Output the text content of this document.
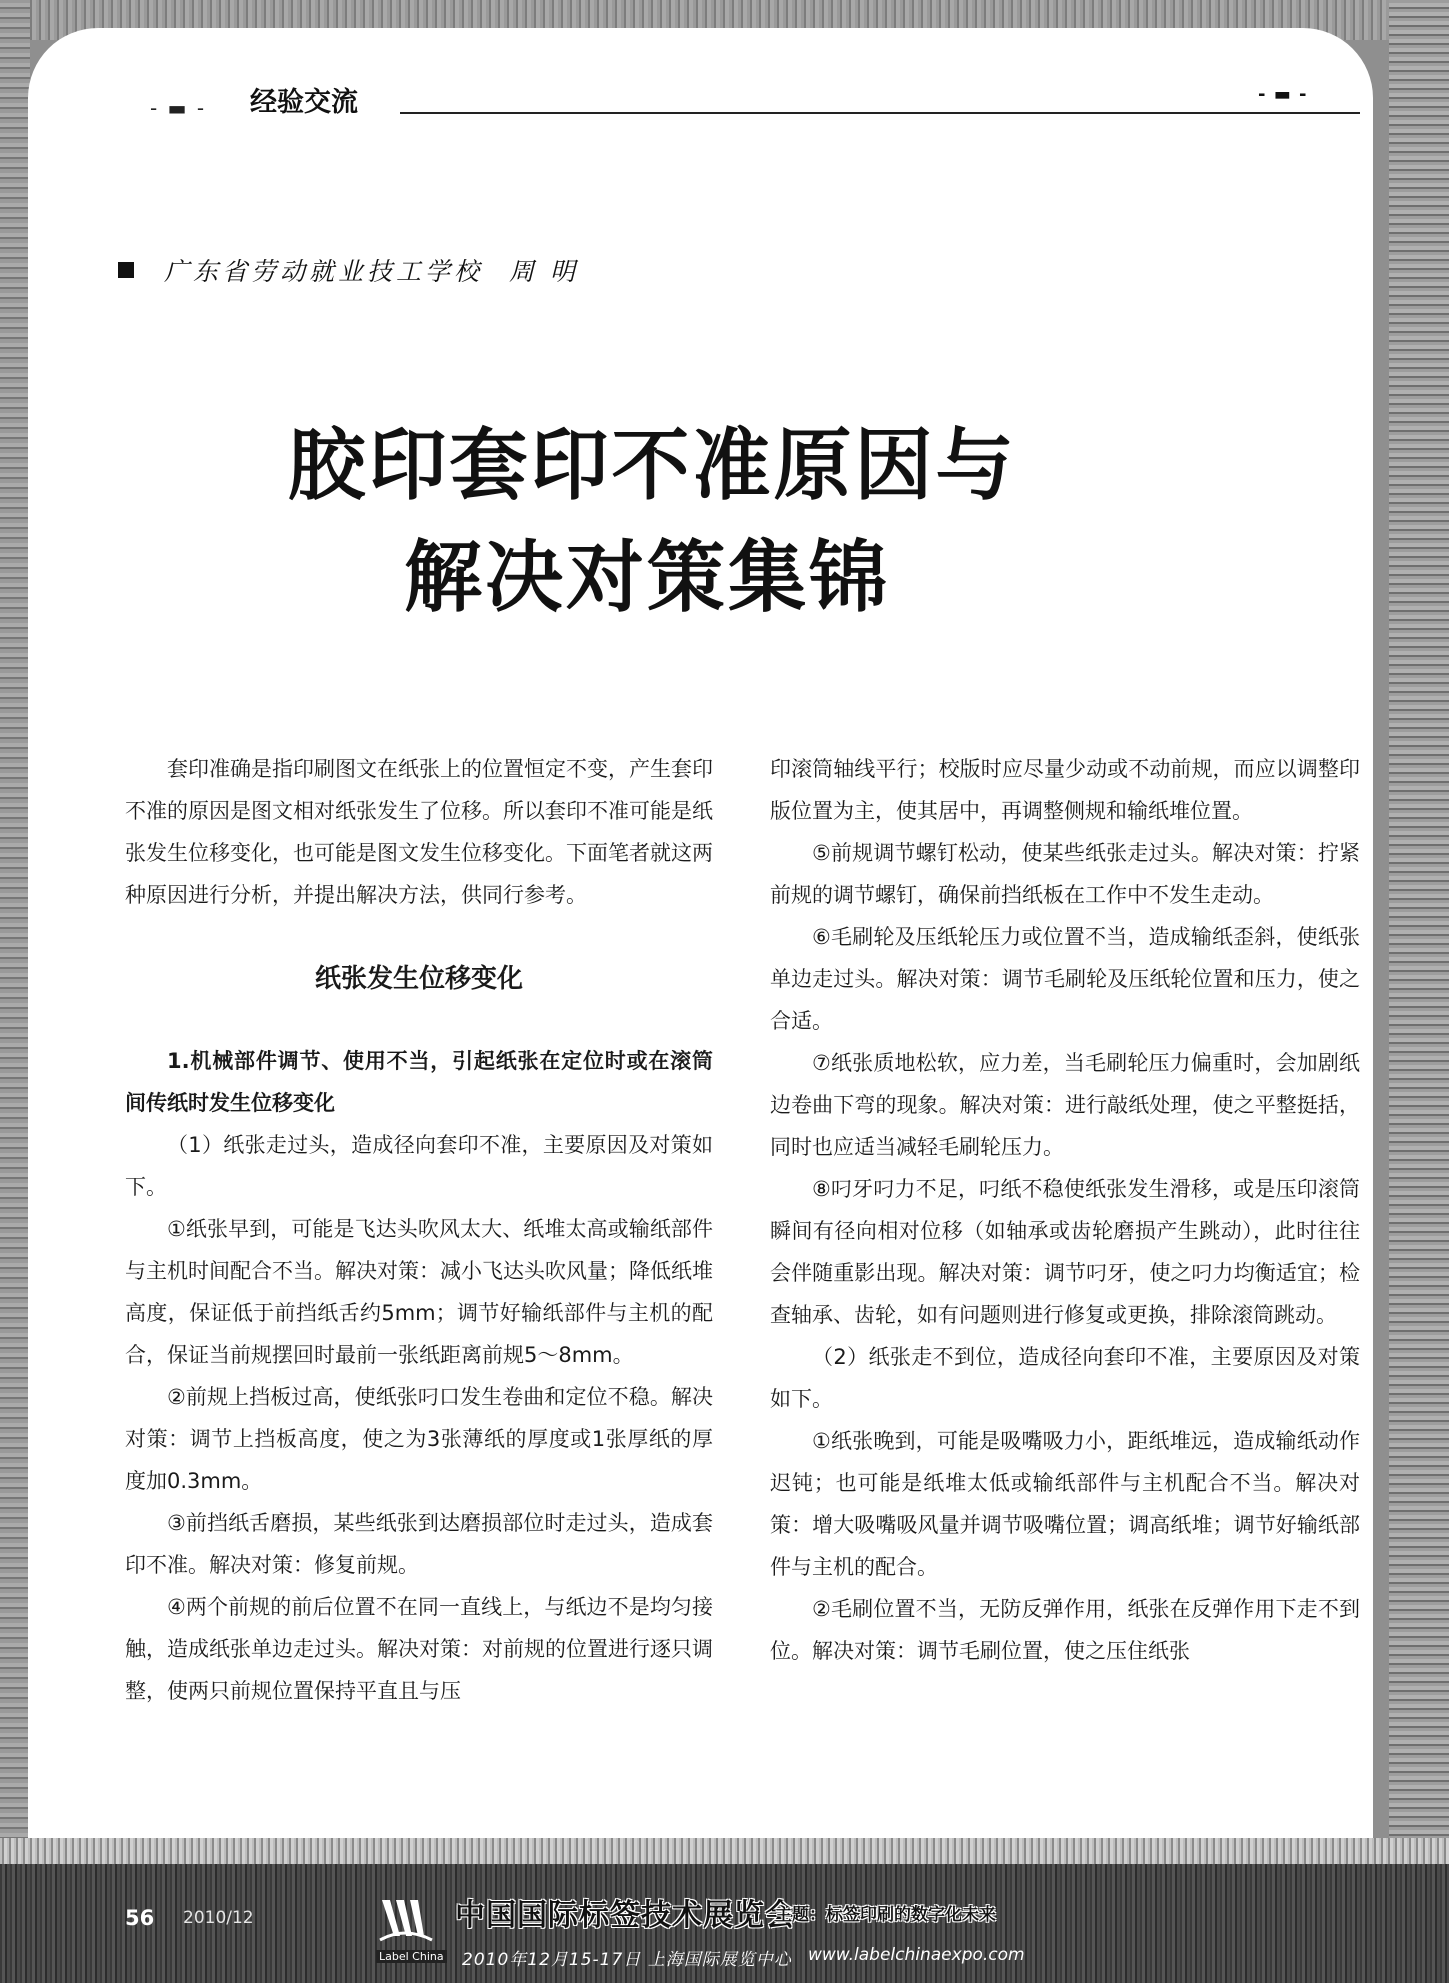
- ▬ - 经验交流	- ▬ -
广东省劳动就业技工学校 周 明
胶印套印不准原因与
解决对策集锦

套印准确是指印刷图文在纸张上的位置恒定不变，产生套印不准的原因是图文相对纸张发生了位移。所以套印不准可能是纸张发生位移变化，也可能是图文发生位移变化。下面笔者就这两种原因进行分析，并提出解决方法，供同行参考。

纸张发生位移变化

1.机械部件调节、使用不当，引起纸张在定位时或在滚筒间传纸时发生位移变化

（1）纸张走过头，造成径向套印不准，主要原因及对策如下。

①纸张早到，可能是飞达头吹风太大、纸堆太高或输纸部件与主机时间配合不当。解决对策：减小飞达头吹风量；降低纸堆高度，保证低于前挡纸舌约5mm；调节好输纸部件与主机的配合，保证当前规摆回时最前一张纸距离前规5～8mm。

②前规上挡板过高，使纸张叼口发生卷曲和定位不稳。解决对策：调节上挡板高度，使之为3张薄纸的厚度或1张厚纸的厚度加0.3mm。

③前挡纸舌磨损，某些纸张到达磨损部位时走过头，造成套印不准。解决对策：修复前规。

④两个前规的前后位置不在同一直线上，与纸边不是均匀接触，造成纸张单边走过头。解决对策：对前规的位置进行逐只调整，使两只前规位置保持平直且与压

印滚筒轴线平行；校版时应尽量少动或不动前规，而应以调整印版位置为主，使其居中，再调整侧规和输纸堆位置。

⑤前规调节螺钉松动，使某些纸张走过头。解决对策：拧紧前规的调节螺钉，确保前挡纸板在工作中不发生走动。

⑥毛刷轮及压纸轮压力或位置不当，造成输纸歪斜，使纸张单边走过头。解决对策：调节毛刷轮及压纸轮位置和压力，使之合适。

⑦纸张质地松软，应力差，当毛刷轮压力偏重时，会加剧纸边卷曲下弯的现象。解决对策：进行敲纸处理，使之平整挺括，同时也应适当减轻毛刷轮压力。

⑧叼牙叼力不足，叼纸不稳使纸张发生滑移，或是压印滚筒瞬间有径向相对位移（如轴承或齿轮磨损产生跳动），此时往往会伴随重影出现。解决对策：调节叼牙，使之叼力均衡适宜；检查轴承、齿轮，如有问题则进行修复或更换，排除滚筒跳动。

（2）纸张走不到位，造成径向套印不准，主要原因及对策如下。

①纸张晚到，可能是吸嘴吸力小，距纸堆远，造成输纸动作迟钝；也可能是纸堆太低或输纸部件与主机配合不当。解决对策：增大吸嘴吸风量并调节吸嘴位置；调高纸堆；调节好输纸部件与主机的配合。

②毛刷位置不当，无防反弹作用，纸张在反弹作用下走不到位。解决对策：调节毛刷位置，使之压住纸张

56 2010/12
Label China
中国国际标签技术展览会
主题：标签印刷的数字化未来
2010年12月15-17日 上海国际展览中心 www.labelchinaexpo.com
